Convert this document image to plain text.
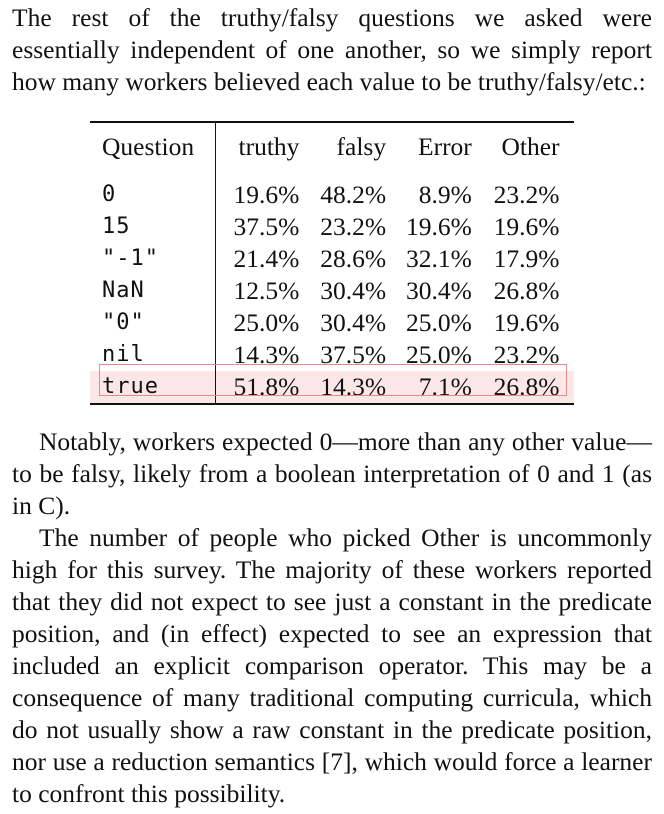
The rest of the truthy/falsy questions we asked were essentially independent of one another, so we simply report how many workers believed each value to be truthy/falsy/etc.:

Question	truthy	falsy	Error	Other
0	19.6%	48.2%	8.9%	23.2%
15	37.5%	23.2%	19.6%	19.6%
"-1"	21.4%	28.6%	32.1%	17.9%
NaN	12.5%	30.4%	30.4%	26.8%
"0"	25.0%	30.4%	25.0%	19.6%
nil	14.3%	37.5%	25.0%	23.2%
true	51.8%	14.3%	7.1%	26.8%

Notably, workers expected 0—more than any other value—to be falsy, likely from a boolean interpretation of 0 and 1 (as in C).

The number of people who picked Other is uncommonly high for this survey. The majority of these workers reported that they did not expect to see just a constant in the predicate position, and (in effect) expected to see an expression that included an explicit comparison operator. This may be a consequence of many traditional computing curricula, which do not usually show a raw constant in the predicate position, nor use a reduction semantics [7], which would force a learner to confront this possibility.
